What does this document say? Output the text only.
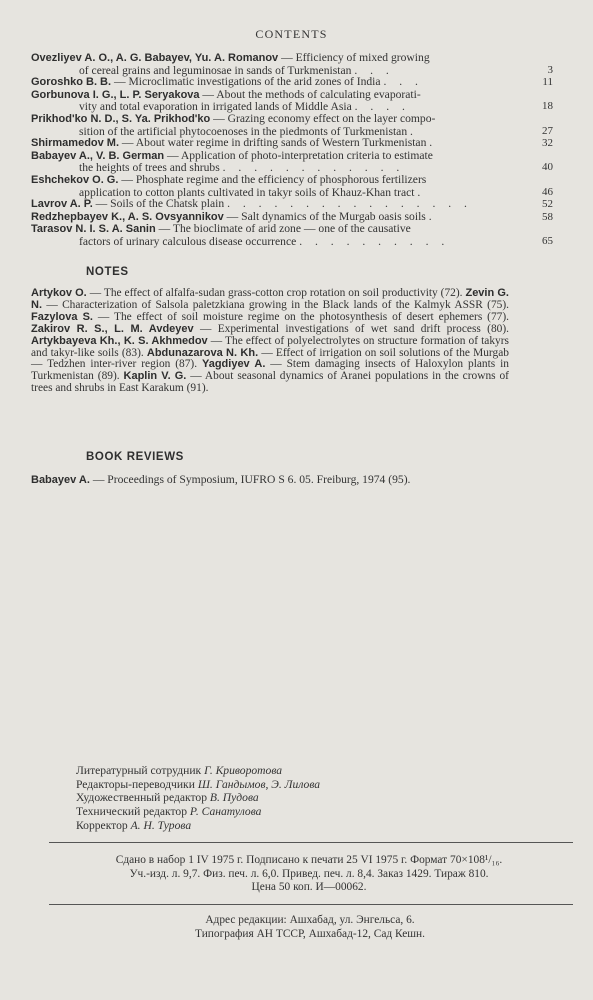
CONTENTS
Ovezliyev A. O., A. G. Babayev, Yu. A. Romanov — Efficiency of mixed growing
of cereal grains and leguminosae in sands of Turkmenistan . . .	3
Goroshko B. B. — Microclimatic investigations of the arid zones of India . . .	11
Gorbunova I. G., L. P. Seryakova — About the methods of calculating evaporati-
vity and total evaporation in irrigated lands of Middle Asia . . . .	18
Prikhod'ko N. D., S. Ya. Prikhod'ko — Grazing economy effect on the layer compo-
sition of the artificial phytocoenoses in the piedmonts of Turkmenistan .	27
Shirmamedov M. — About water regime in drifting sands of Western Turkmenistan .	32
Babayev A., V. B. German — Application of photo-interpretation criteria to estimate
the heights of trees and shrubs . . . . . . . . . . . .	40
Eshchekov O. G. — Phosphate regime and the efficiency of phosphorous fertilizers
application to cotton plants cultivated in takyr soils of Khauz-Khan tract .	46
Lavrov A. P. — Soils of the Chatsk plain . . . . . . . . . . . . . . . .	52
Redzhepbayev K., A. S. Ovsyannikov — Salt dynamics of the Murgab oasis soils .	58
Tarasov N. I. S. A. Sanin — The bioclimate of arid zone — one of the causative
factors of urinary calculous disease occurrence . . . . . . . . . .	65
NOTES
Artykov O. — The effect of alfalfa-sudan grass-cotton crop rotation on soil productivity (72). Zevin G. N. — Characterization of Salsola paletzkiana growing in the Black lands of the Kalmyk ASSR (75). Fazylova S. — The effect of soil moisture regime on the photosynthesis of desert ephemers (77). Zakirov R. S., L. M. Avdeyev — Experimental investigations of wet sand drift process (80). Artykbayeva Kh., K. S. Akhmedov — The effect of polyelectrolytes on structure formation of takyrs and takyr-like soils (83). Abdunazarova N. Kh. — Effect of irrigation on soil solutions of the Murgab — Tedzhen inter-river region (87). Yagdiyev A. — Stem damaging insects of Haloxylon plants in Turkmenistan (89). Kaplin V. G. — About seasonal dynamics of Aranei populations in the crowns of trees and shrubs in East Karakum (91).
BOOK REVIEWS
Babayev A. — Proceedings of Symposium, IUFRO S 6. 05. Freiburg, 1974 (95).
Литературный сотрудник Г. Криворотова
Редакторы-переводчики Ш. Гандымов, Э. Лилова
Художественный редактор В. Пудова
Технический редактор Р. Санатулова
Корректор А. Н. Турова
Сдано в набор 1 IV 1975 г. Подписано к печати 25 VI 1975 г. Формат 70×108¹/₁₆.
Уч.-изд. л. 9,7. Физ. печ. л. 6,0. Привед. печ. л. 8,4. Заказ 1429. Тираж 810.
Цена 50 коп. И—00062.
Адрес редакции: Ашхабад, ул. Энгельса, 6.
Типография АН ТССР, Ашхабад-12, Сад Кешн.
